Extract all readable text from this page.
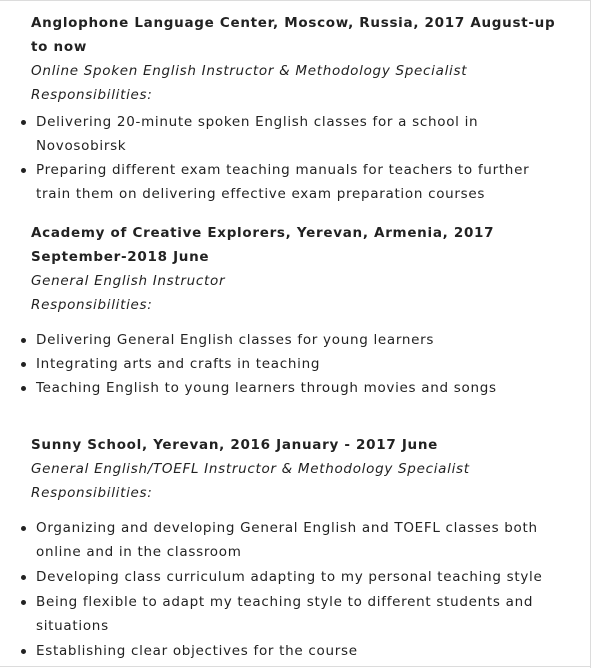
Anglophone Language Center, Moscow, Russia, 2017 August-up to now

Online Spoken English Instructor & Methodology Specialist

Responsibilities:

Delivering 20-minute spoken English classes for a school in Novosobirsk
Preparing different exam teaching manuals for teachers to further train them on delivering effective exam preparation courses

Academy of Creative Explorers, Yerevan, Armenia, 2017 September-2018 June

General English Instructor

Responsibilities:

Delivering General English classes for young learners
Integrating arts and crafts in teaching
Teaching English to young learners through movies and songs

Sunny School, Yerevan, 2016 January - 2017 June

General English/TOEFL Instructor & Methodology Specialist

Responsibilities:

Organizing and developing General English and TOEFL classes both online and in the classroom
Developing class curriculum adapting to my personal teaching style
Being flexible to adapt my teaching style to different students and situations
Establishing clear objectives for the course
